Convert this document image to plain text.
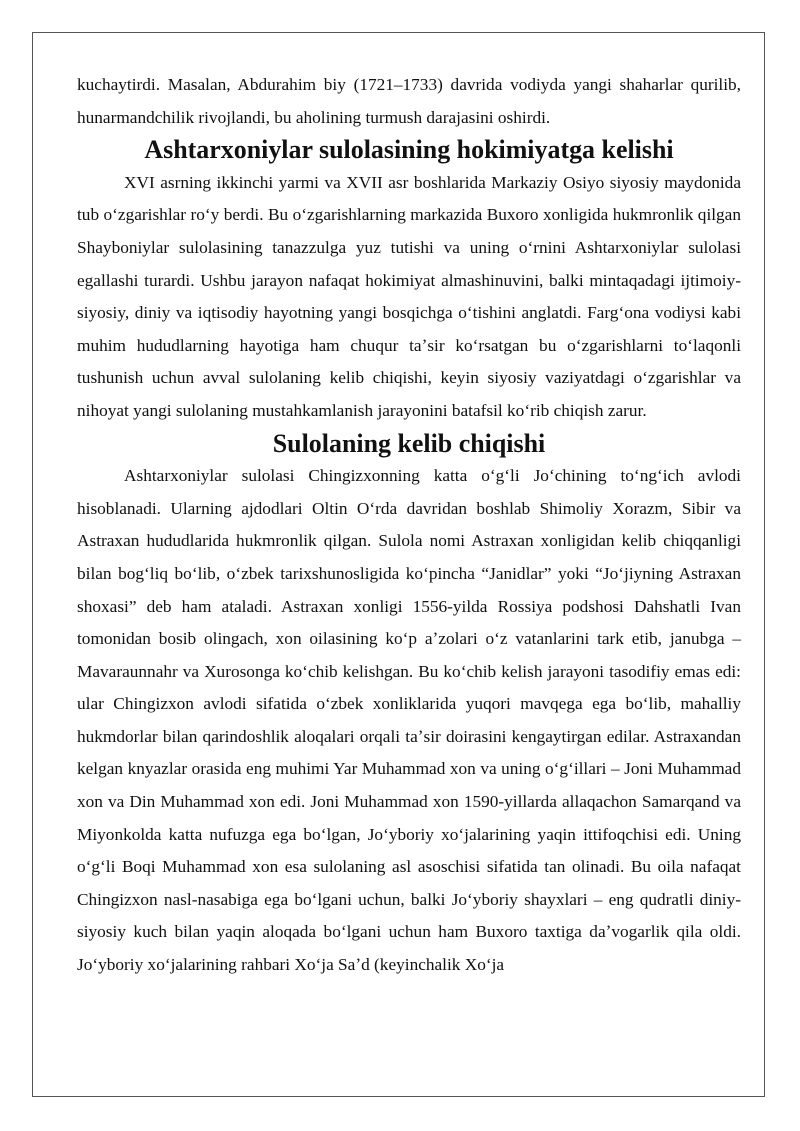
kuchaytirdi. Masalan, Abdurahim biy (1721–1733) davrida vodiyda yangi shaharlar qurilib, hunarmandchilik rivojlandi, bu aholining turmush darajasini oshirdi.

Ashtarxoniylar sulolasining hokimiyatga kelishi

XVI asrning ikkinchi yarmi va XVII asr boshlarida Markaziy Osiyo siyosiy maydonida tub oʻzgarishlar roʻy berdi. Bu oʻzgarishlarning markazida Buxoro xonligida hukmronlik qilgan Shayboniylar sulolasining tanazzulga yuz tutishi va uning oʻrnini Ashtarxoniylar sulolasi egallashi turardi. Ushbu jarayon nafaqat hokimiyat almashinuvini, balki mintaqadagi ijtimoiy-siyosiy, diniy va iqtisodiy hayotning yangi bosqichga oʻtishini anglatdi. Fargʻona vodiysi kabi muhim hududlarning hayotiga ham chuqur taʼsir koʻrsatgan bu oʻzgarishlarni toʻlaqonli tushunish uchun avval sulolaning kelib chiqishi, keyin siyosiy vaziyatdagi oʻzgarishlar va nihoyat yangi sulolaning mustahkamlanish jarayonini batafsil koʻrib chiqish zarur.

Sulolaning kelib chiqishi

Ashtarxoniylar sulolasi Chingizxonning katta oʻgʻli Joʻchining toʻngʻich avlodi hisoblanadi. Ularning ajdodlari Oltin Oʻrda davridan boshlab Shimoliy Xorazm, Sibir va Astraxan hududlarida hukmronlik qilgan. Sulola nomi Astraxan xonligidan kelib chiqqanligi bilan bogʻliq boʻlib, oʻzbek tarixshunosligida koʻpincha “Janidlar” yoki “Joʻjiyning Astraxan shoxasi” deb ham ataladi. Astraxan xonligi 1556-yilda Rossiya podshosi Dahshatli Ivan tomonidan bosib olingach, xon oilasining koʻp aʼzolari oʻz vatanlarini tark etib, janubga – Mavaraunnahr va Xurosonga koʻchib kelishgan. Bu koʻchib kelish jarayoni tasodifiy emas edi: ular Chingizxon avlodi sifatida oʻzbek xonliklarida yuqori mavqega ega boʻlib, mahalliy hukmdorlar bilan qarindoshlik aloqalari orqali taʼsir doirasini kengaytirgan edilar. Astraxandan kelgan knyazlar orasida eng muhimi Yar Muhammad xon va uning oʻgʻillari – Joni Muhammad xon va Din Muhammad xon edi. Joni Muhammad xon 1590-yillarda allaqachon Samarqand va Miyonkolda katta nufuzga ega boʻlgan, Joʻyboriy xoʻjalarining yaqin ittifoqchisi edi. Uning oʻgʻli Boqi Muhammad xon esa sulolaning asl asoschisi sifatida tan olinadi. Bu oila nafaqat Chingizxon nasl-nasabiga ega boʻlgani uchun, balki Joʻyboriy shayxlari – eng qudratli diniy-siyosiy kuch bilan yaqin aloqada boʻlgani uchun ham Buxoro taxtiga daʼvogarlik qila oldi. Joʻyboriy xoʻjalarining rahbari Xoʻja Saʼd (keyinchalik Xoʻja
